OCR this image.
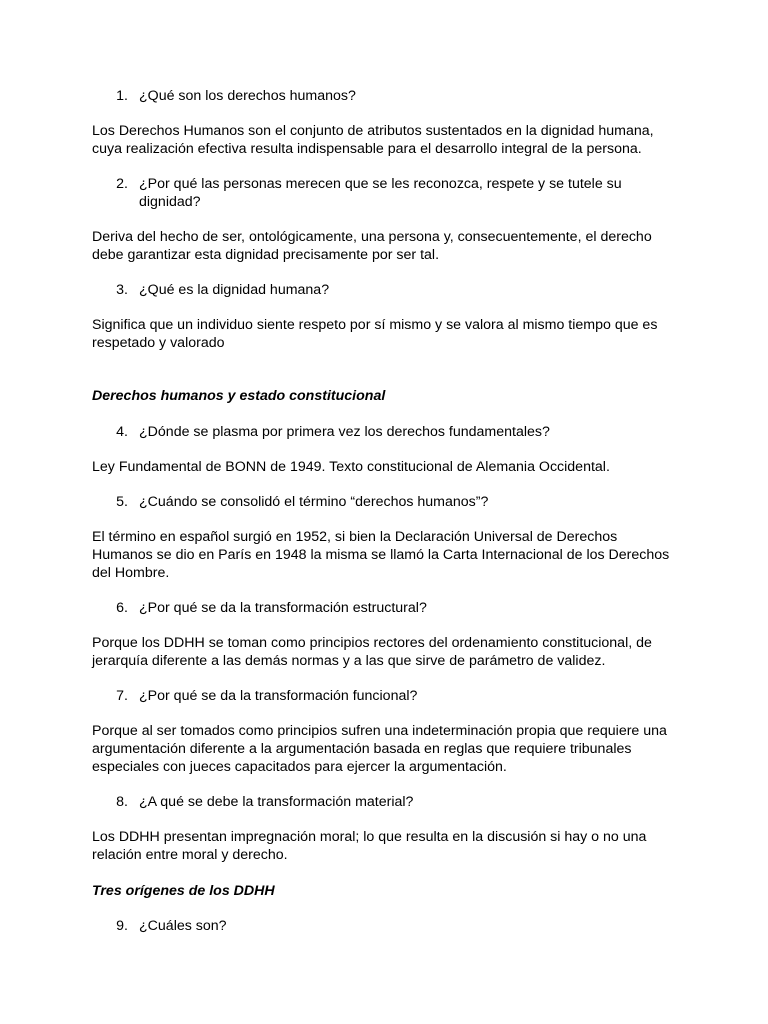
1. ¿Qué son los derechos humanos?
Los Derechos Humanos son el conjunto de atributos sustentados en la dignidad humana,
cuya realización efectiva resulta indispensable para el desarrollo integral de la persona.
2. ¿Por qué las personas merecen que se les reconozca, respete y se tutele su
dignidad?
Deriva del hecho de ser, ontológicamente, una persona y, consecuentemente, el derecho
debe garantizar esta dignidad precisamente por ser tal.
3. ¿Qué es la dignidad humana?
Significa que un individuo siente respeto por sí mismo y se valora al mismo tiempo que es
respetado y valorado
Derechos humanos y estado constitucional
4. ¿Dónde se plasma por primera vez los derechos fundamentales?
Ley Fundamental de BONN de 1949. Texto constitucional de Alemania Occidental.
5. ¿Cuándo se consolidó el término “derechos humanos”?
El término en español surgió en 1952, si bien la Declaración Universal de Derechos
Humanos se dio en París en 1948 la misma se llamó la Carta Internacional de los Derechos
del Hombre.
6. ¿Por qué se da la transformación estructural?
Porque los DDHH se toman como principios rectores del ordenamiento constitucional, de
jerarquía diferente a las demás normas y a las que sirve de parámetro de validez.
7. ¿Por qué se da la transformación funcional?
Porque al ser tomados como principios sufren una indeterminación propia que requiere una
argumentación diferente a la argumentación basada en reglas que requiere tribunales
especiales con jueces capacitados para ejercer la argumentación.
8. ¿A qué se debe la transformación material?
Los DDHH presentan impregnación moral; lo que resulta en la discusión si hay o no una
relación entre moral y derecho.
Tres orígenes de los DDHH
9. ¿Cuáles son?
